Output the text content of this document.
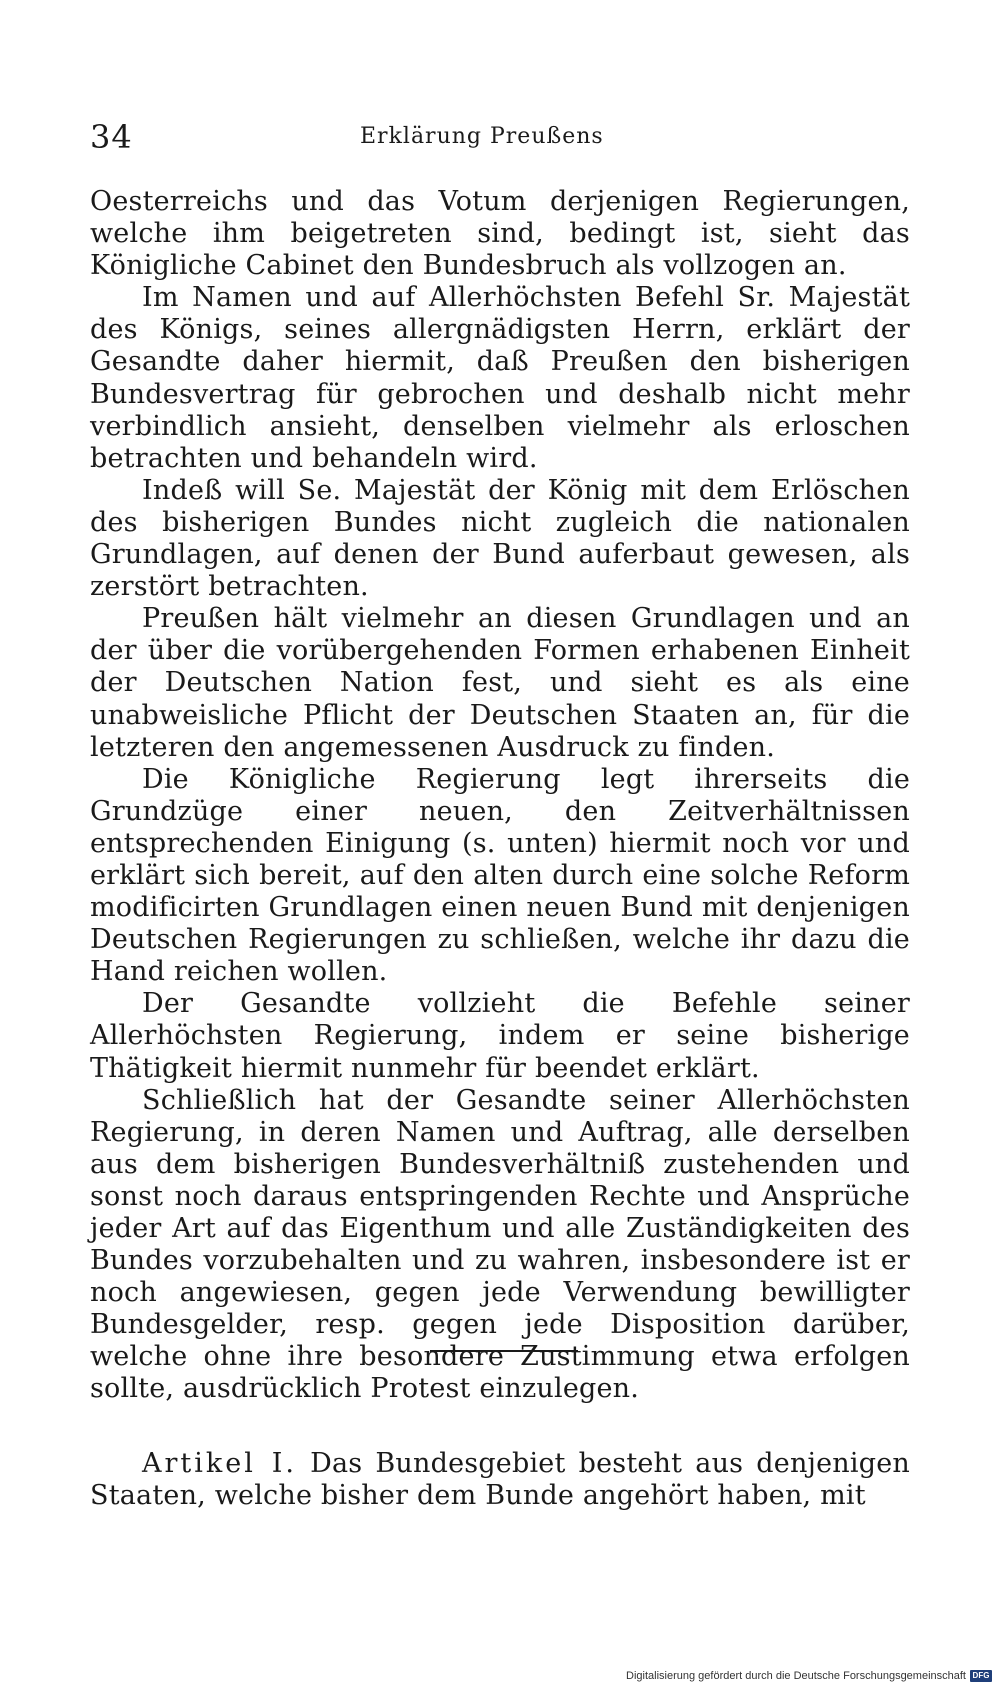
34	Erklärung Preußens

Oesterreichs und das Votum derjenigen Regierungen, welche ihm beigetreten sind, bedingt ist, sieht das Königliche Cabinet den Bundesbruch als vollzogen an.

Im Namen und auf Allerhöchsten Befehl Sr. Majestät des Königs, seines allergnädigsten Herrn, erklärt der Gesandte daher hiermit, daß Preußen den bisherigen Bundesvertrag für gebrochen und deshalb nicht mehr verbindlich ansieht, denselben vielmehr als erloschen betrachten und behandeln wird.

Indeß will Se. Majestät der König mit dem Erlöschen des bisherigen Bundes nicht zugleich die nationalen Grundlagen, auf denen der Bund auferbaut gewesen, als zerstört betrachten.

Preußen hält vielmehr an diesen Grundlagen und an der über die vorübergehenden Formen erhabenen Einheit der Deutschen Nation fest, und sieht es als eine unabweisliche Pflicht der Deutschen Staaten an, für die letzteren den angemessenen Ausdruck zu finden.

Die Königliche Regierung legt ihrerseits die Grundzüge einer neuen, den Zeitverhältnissen entsprechenden Einigung (s. unten) hiermit noch vor und erklärt sich bereit, auf den alten durch eine solche Reform modificirten Grundlagen einen neuen Bund mit denjenigen Deutschen Regierungen zu schließen, welche ihr dazu die Hand reichen wollen.

Der Gesandte vollzieht die Befehle seiner Allerhöchsten Regierung, indem er seine bisherige Thätigkeit hiermit nunmehr für beendet erklärt.

Schließlich hat der Gesandte seiner Allerhöchsten Regierung, in deren Namen und Auftrag, alle derselben aus dem bisherigen Bundesverhältniß zustehenden und sonst noch daraus entspringenden Rechte und Ansprüche jeder Art auf das Eigenthum und alle Zuständigkeiten des Bundes vorzubehalten und zu wahren, insbesondere ist er noch angewiesen, gegen jede Verwendung bewilligter Bundesgelder, resp. gegen jede Disposition darüber, welche ohne ihre besondere Zustimmung etwa erfolgen sollte, ausdrücklich Protest einzulegen.

Artikel I. Das Bundesgebiet besteht aus denjenigen Staaten, welche bisher dem Bunde angehört haben, mit

Digitalisierung gefördert durch die Deutsche Forschungsgemeinschaft DFG
